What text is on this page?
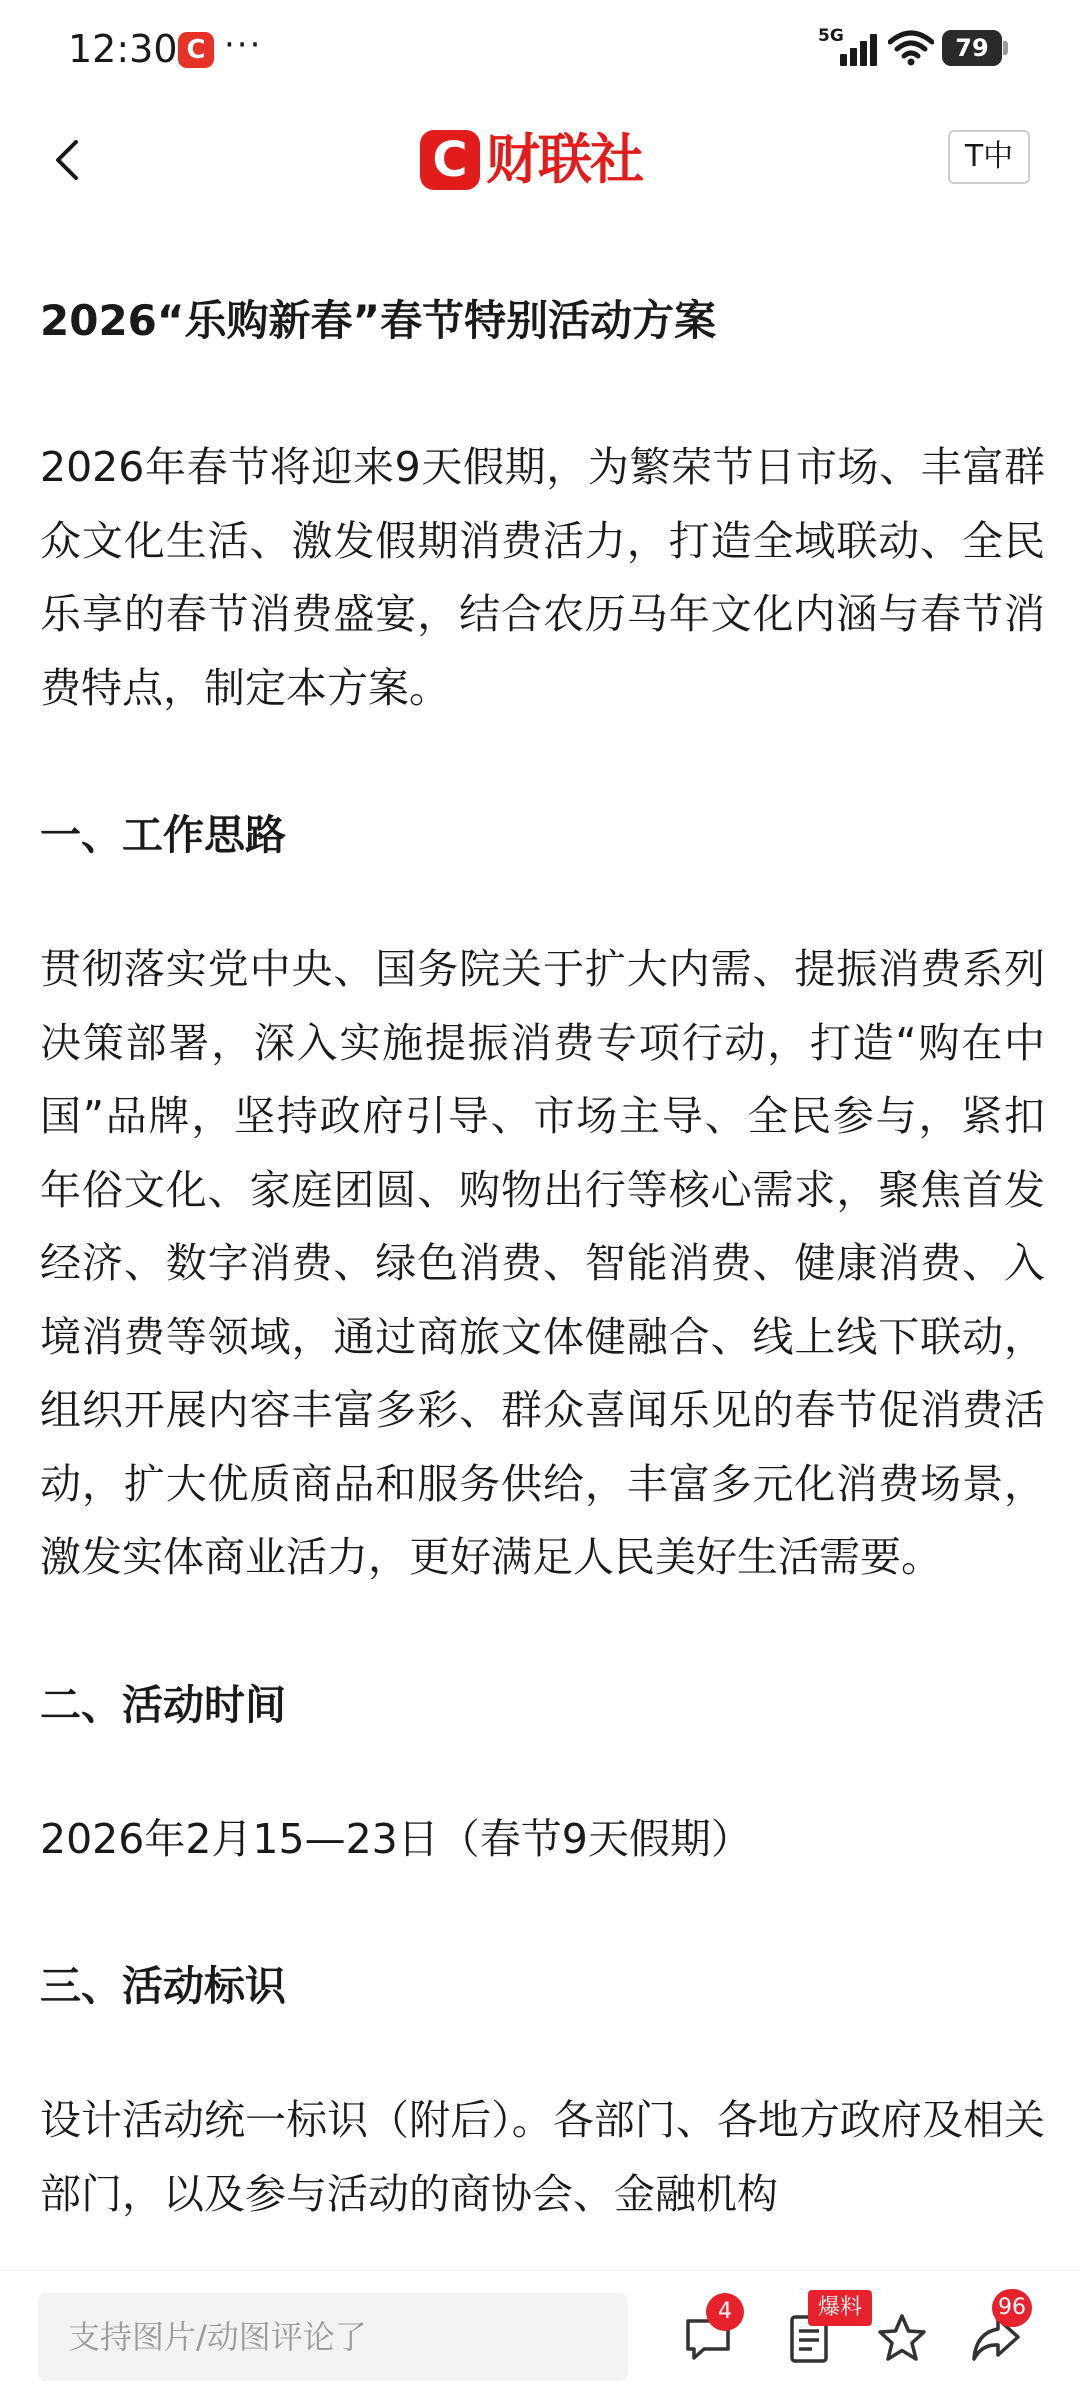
12:30 C ···	5G	79
C 财联社	T中
2026“乐购新春”春节特别活动方案

2026年春节将迎来9天假期，为繁荣节日市场、丰富群众文化生活、激发假期消费活力，打造全域联动、全民乐享的春节消费盛宴，结合农历马年文化内涵与春节消费特点，制定本方案。

一、工作思路

贯彻落实党中央、国务院关于扩大内需、提振消费系列决策部署，深入实施提振消费专项行动，打造“购在中国”品牌，坚持政府引导、市场主导、全民参与，紧扣年俗文化、家庭团圆、购物出行等核心需求，聚焦首发经济、数字消费、绿色消费、智能消费、健康消费、入境消费等领域，通过商旅文体健融合、线上线下联动，组织开展内容丰富多彩、群众喜闻乐见的春节促消费活动，扩大优质商品和服务供给，丰富多元化消费场景，激发实体商业活力，更好满足人民美好生活需要。

二、活动时间

2026年2月15—23日（春节9天假期）

三、活动标识

设计活动统一标识（附后）。各部门、各地方政府及相关部门，以及参与活动的商协会、金融机构

支持图片/动图评论了
4	96
爆料
